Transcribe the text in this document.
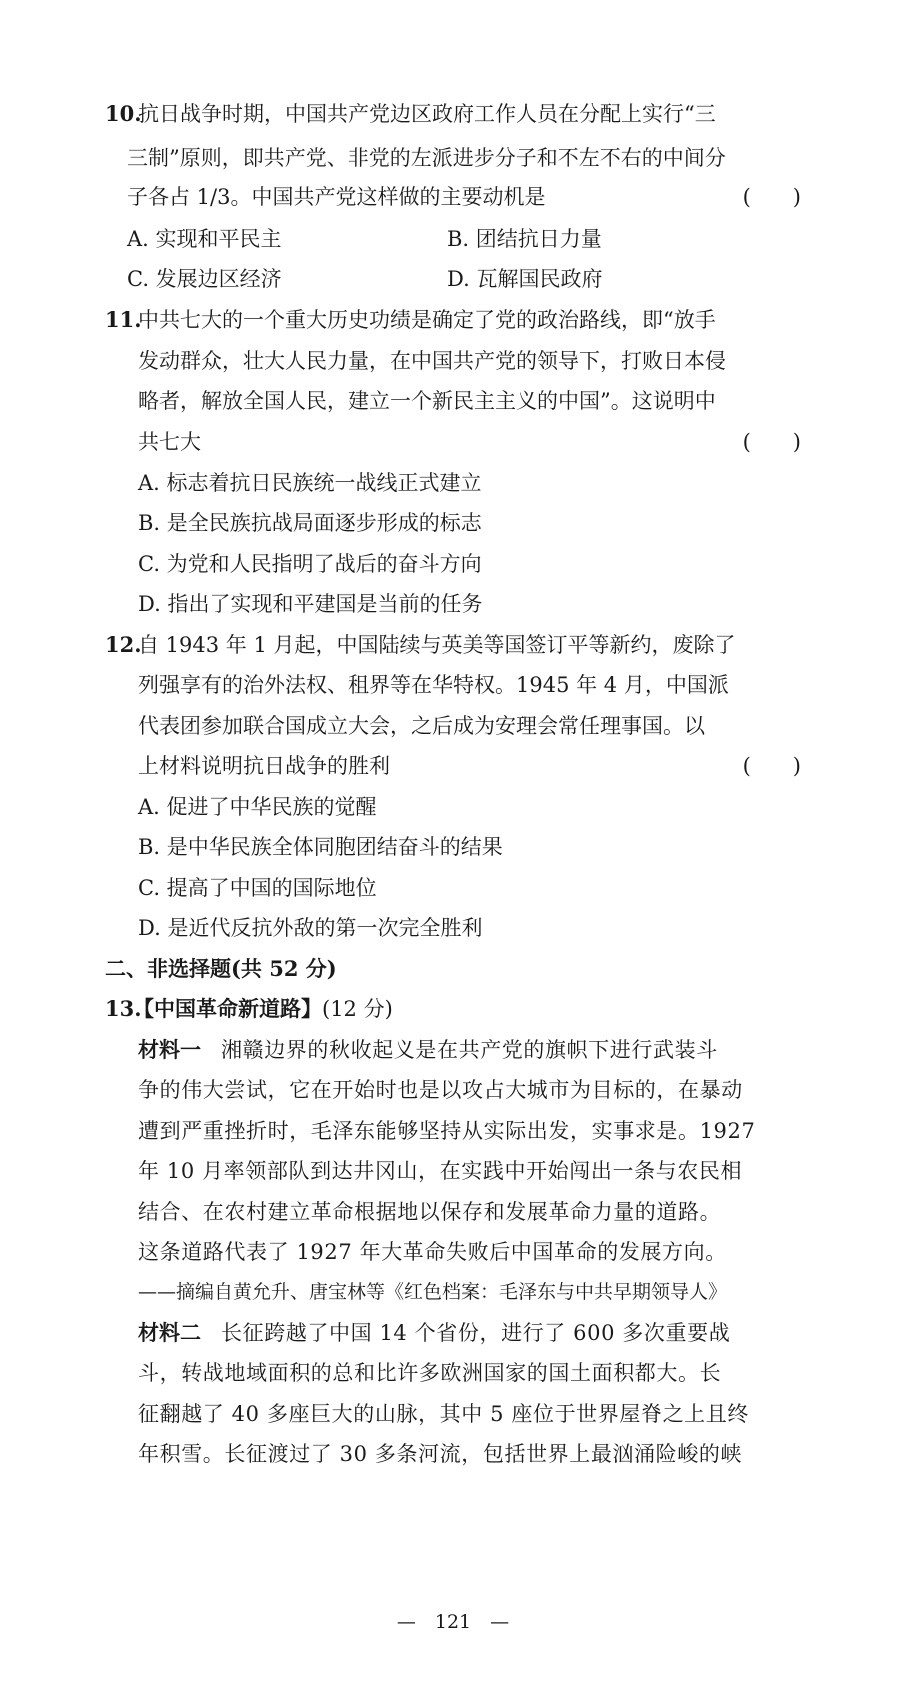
10.
抗日战争时期，中国共产党边区政府工作人员在分配上实行“三
三制”原则，即共产党、非党的左派进步分子和不左不右的中间分
子各占 1/3。中国共产党这样做的主要动机是	(　　)
A. 实现和平民主	B. 团结抗日力量
C. 发展边区经济	D. 瓦解国民政府
11.
中共七大的一个重大历史功绩是确定了党的政治路线，即“放手
发动群众，壮大人民力量，在中国共产党的领导下，打败日本侵
略者，解放全国人民，建立一个新民主主义的中国”。这说明中
共七大	(　　)
A. 标志着抗日民族统一战线正式建立
B. 是全民族抗战局面逐步形成的标志
C. 为党和人民指明了战后的奋斗方向
D. 指出了实现和平建国是当前的任务
12.
自 1943 年 1 月起，中国陆续与英美等国签订平等新约，废除了
列强享有的治外法权、租界等在华特权。1945 年 4 月，中国派
代表团参加联合国成立大会，之后成为安理会常任理事国。以
上材料说明抗日战争的胜利	(　　)
A. 促进了中华民族的觉醒
B. 是中华民族全体同胞团结奋斗的结果
C. 提高了中国的国际地位
D. 是近代反抗外敌的第一次完全胜利
二、非选择题(共 52 分)
13.
【中国革命新道路】(12 分)
材料一 湘赣边界的秋收起义是在共产党的旗帜下进行武装斗
争的伟大尝试，它在开始时也是以攻占大城市为目标的，在暴动
遭到严重挫折时，毛泽东能够坚持从实际出发，实事求是。1927
年 10 月率领部队到达井冈山，在实践中开始闯出一条与农民相
结合、在农村建立革命根据地以保存和发展革命力量的道路。
这条道路代表了 1927 年大革命失败后中国革命的发展方向。
——摘编自黄允升、唐宝林等《红色档案：毛泽东与中共早期领导人》
材料二 长征跨越了中国 14 个省份，进行了 600 多次重要战
斗，转战地域面积的总和比许多欧洲国家的国土面积都大。长
征翻越了 40 多座巨大的山脉，其中 5 座位于世界屋脊之上且终
年积雪。长征渡过了 30 多条河流，包括世界上最汹涌险峻的峡
—　121　—
